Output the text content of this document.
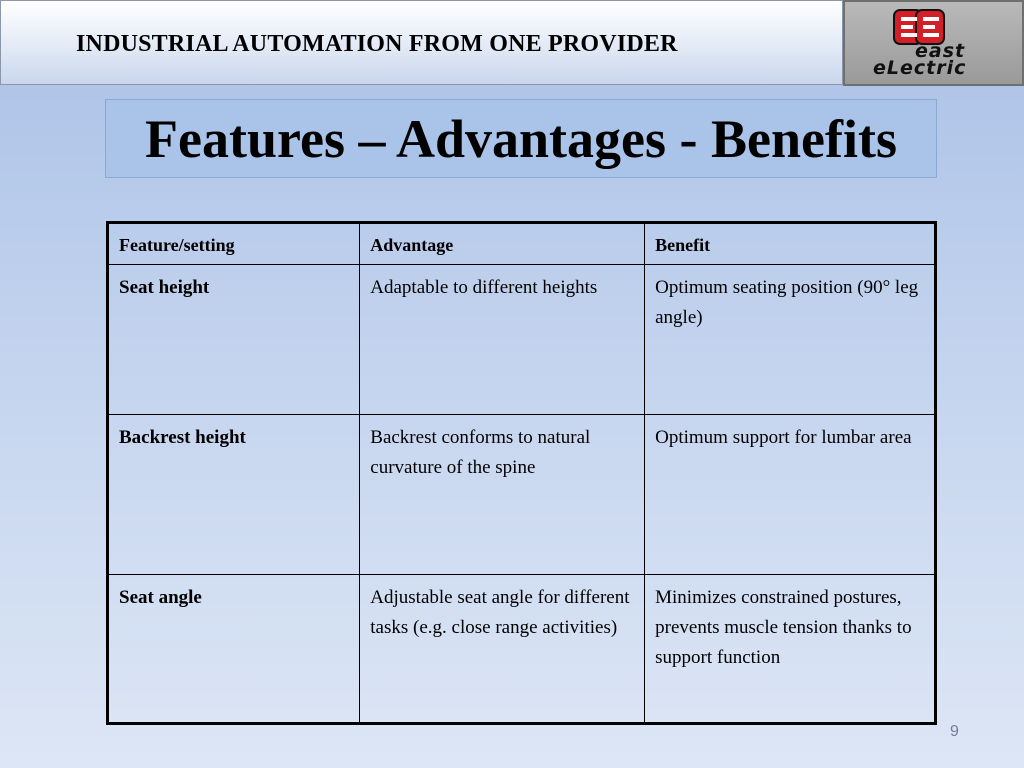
INDUSTRIAL AUTOMATION FROM ONE PROVIDER	east
eLectric
Features – Advantages - Benefits
Feature/setting	Advantage	Benefit
Seat height	Adaptable to different heights	Optimum seating position (90° leg angle)
Backrest height	Backrest conforms to natural curvature of the spine	Optimum support for lumbar area
Seat angle	Adjustable seat angle for different tasks (e.g. close range activities)	Minimizes constrained postures, prevents muscle tension thanks to support function
9
